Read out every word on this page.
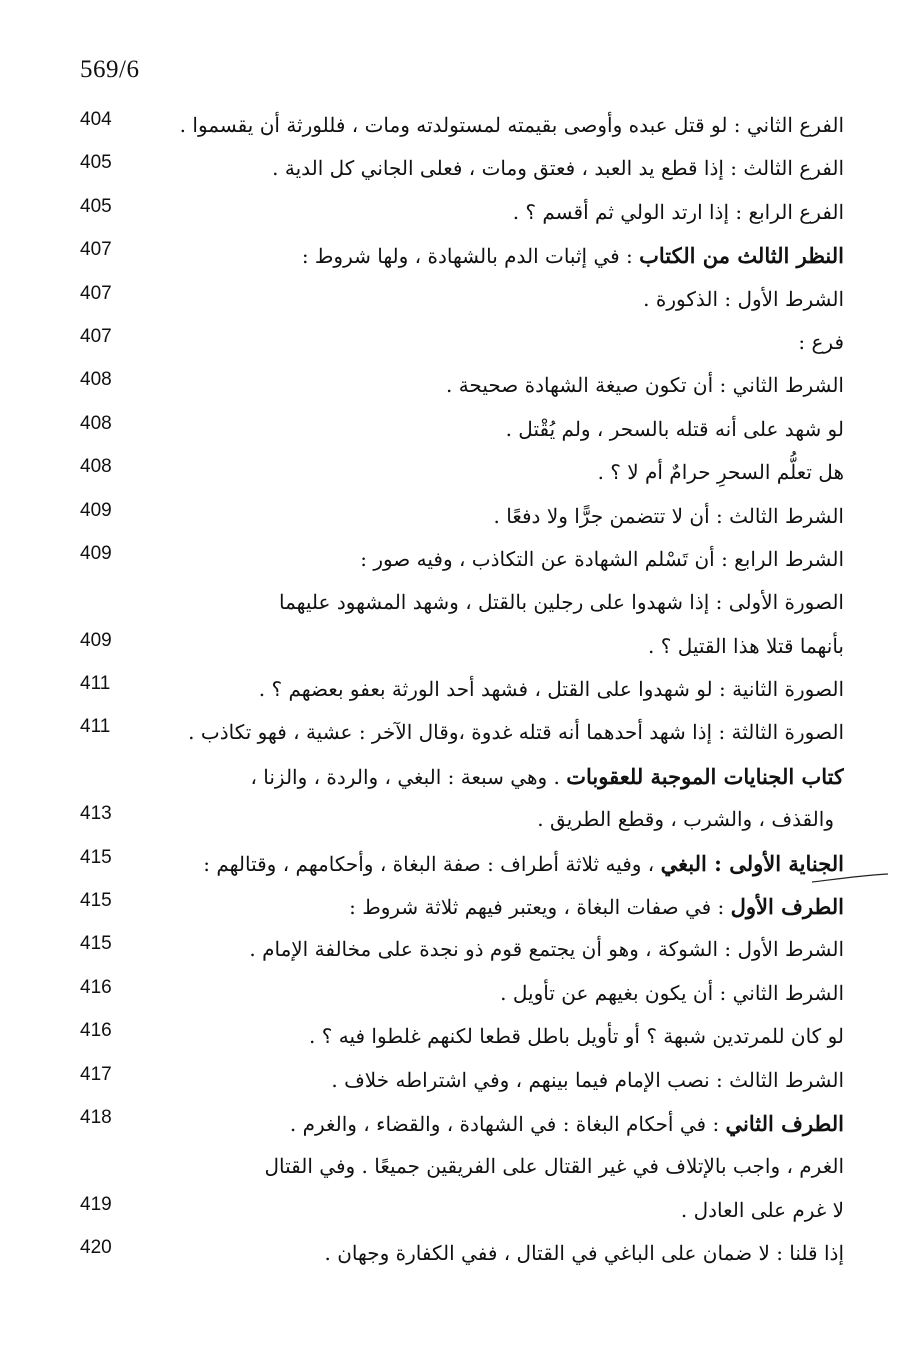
569/6
الفرع الثاني : لو قتل عبده وأوصى بقيمته لمستولدته ومات ، فللورثة أن يقسموا .
404
الفرع الثالث : إذا قطع يد العبد ، فعتق ومات ، فعلى الجاني كل الدية .
405
الفرع الرابع : إذا ارتد الولي ثم أقسم ؟ .
405
النظر الثالث من الكتاب : في إثبات الدم بالشهادة ، ولها شروط :
407
الشرط الأول : الذكورة .
407
فرع :
407
الشرط الثاني : أن تكون صيغة الشهادة صحيحة .
408
لو شهد على أنه قتله بالسحر ، ولم يُقْتل .
408
هل تعلُّم السحرِ حرامٌ أم لا ؟ .
408
الشرط الثالث : أن لا تتضمن جرًّا ولا دفعًا .
409
الشرط الرابع : أن تَسْلم الشهادة عن التكاذب ، وفيه صور :
409
الصورة الأولى : إذا شهدوا على رجلين بالقتل ، وشهد المشهود عليهما
بأنهما قتلا هذا القتيل ؟ .
409
الصورة الثانية : لو شهدوا على القتل ، فشهد أحد الورثة بعفو بعضهم ؟ .
411
الصورة الثالثة : إذا شهد أحدهما أنه قتله غدوة ،وقال الآخر : عشية ، فهو تكاذب .
411
كتاب الجنايات الموجبة للعقوبات . وهي سبعة : البغي ، والردة ، والزنا ،
والقذف ، والشرب ، وقطع الطريق .
413
الجناية الأولى : البغي ، وفيه ثلاثة أطراف : صفة البغاة ، وأحكامهم ، وقتالهم :
415
الطرف الأول : في صفات البغاة ، ويعتبر فيهم ثلاثة شروط :
415
الشرط الأول : الشوكة ، وهو أن يجتمع قوم ذو نجدة على مخالفة الإمام .
415
الشرط الثاني : أن يكون بغيهم عن تأويل .
416
لو كان للمرتدين شبهة ؟ أو تأويل باطل قطعا لكنهم غلطوا فيه ؟ .
416
الشرط الثالث : نصب الإمام فيما بينهم ، وفي اشتراطه خلاف .
417
الطرف الثاني : في أحكام البغاة : في الشهادة ، والقضاء ، والغرم .
418
الغرم ، واجب بالإتلاف في غير القتال على الفريقين جميعًا . وفي القتال
لا غرم على العادل .
419
إذا قلنا : لا ضمان على الباغي في القتال ، ففي الكفارة وجهان .
420
